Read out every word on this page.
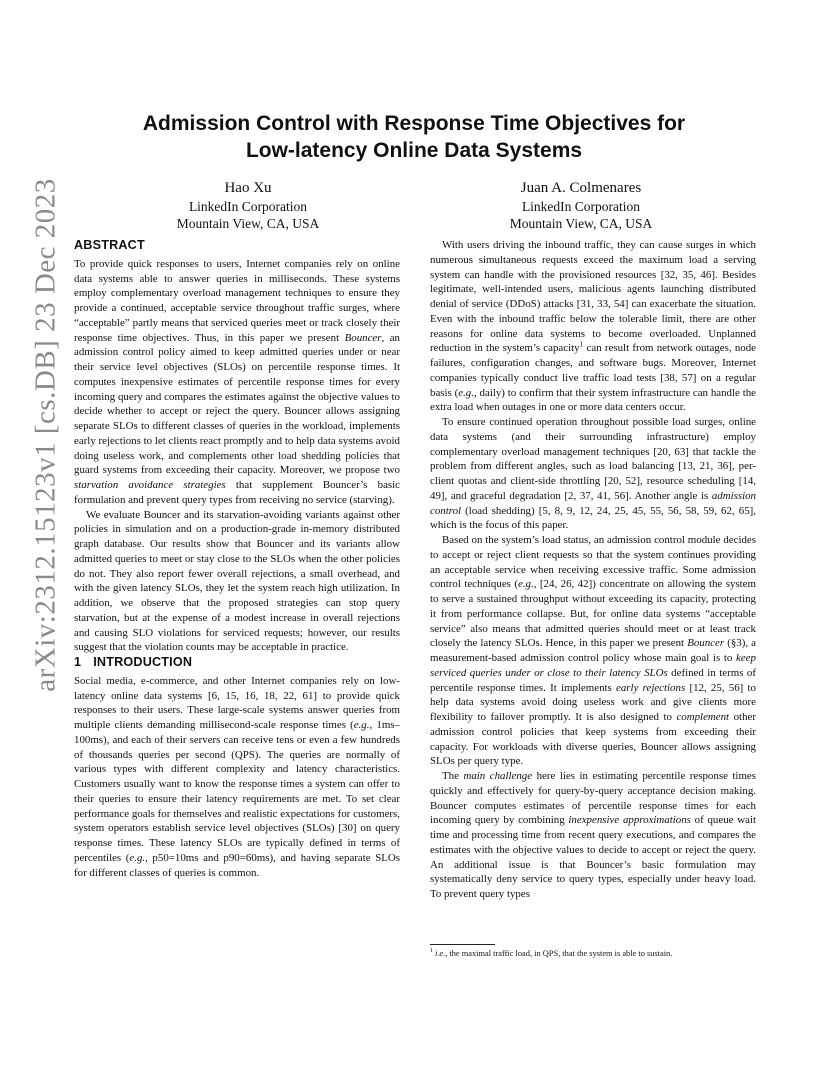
arXiv:2312.15123v1 [cs.DB] 23 Dec 2023
Admission Control with Response Time Objectives for
Low-latency Online Data Systems
Hao Xu
LinkedIn Corporation
Mountain View, CA, USA
Juan A. Colmenares
LinkedIn Corporation
Mountain View, CA, USA
ABSTRACT

To provide quick responses to users, Internet companies rely on online data systems able to answer queries in milliseconds. These systems employ complementary overload management techniques to ensure they provide a continued, acceptable service throughout traffic surges, where “acceptable” partly means that serviced queries meet or track closely their response time objectives. Thus, in this paper we present Bouncer, an admission control policy aimed to keep admitted queries under or near their service level objectives (SLOs) on percentile response times. It computes inexpensive estimates of percentile response times for every incoming query and compares the estimates against the objective values to decide whether to accept or reject the query. Bouncer allows assigning separate SLOs to different classes of queries in the workload, implements early rejections to let clients react promptly and to help data systems avoid doing useless work, and complements other load shedding policies that guard systems from exceeding their capacity. Moreover, we propose two starvation avoidance strategies that supplement Bouncer’s basic formulation and prevent query types from receiving no service (starving).

We evaluate Bouncer and its starvation-avoiding variants against other policies in simulation and on a production-grade in-memory distributed graph database. Our results show that Bouncer and its variants allow admitted queries to meet or stay close to the SLOs when the other policies do not. They also report fewer overall rejections, a small overhead, and with the given latency SLOs, they let the system reach high utilization. In addition, we observe that the proposed strategies can stop query starvation, but at the expense of a modest increase in overall rejections and causing SLO violations for serviced requests; however, our results suggest that the violation counts may be acceptable in practice.

1 INTRODUCTION

Social media, e-commerce, and other Internet companies rely on low-latency online data systems [6, 15, 16, 18, 22, 61] to provide quick responses to their users. These large-scale systems answer queries from multiple clients demanding millisecond-scale response times (e.g., 1ms–100ms), and each of their servers can receive tens or even a few hundreds of thousands queries per second (QPS). The queries are normally of various types with different complexity and latency characteristics. Customers usually want to know the response times a system can offer to their queries to ensure their latency requirements are met. To set clear performance goals for themselves and realistic expectations for customers, system operators establish service level objectives (SLOs) [30] on query response times. These latency SLOs are typically defined in terms of percentiles (e.g., p50=10ms and p90=60ms), and having separate SLOs for different classes of queries is common.

With users driving the inbound traffic, they can cause surges in which numerous simultaneous requests exceed the maximum load a serving system can handle with the provisioned resources [32, 35, 46]. Besides legitimate, well-intended users, malicious agents launching distributed denial of service (DDoS) attacks [31, 33, 54] can exacerbate the situation. Even with the inbound traffic below the tolerable limit, there are other reasons for online data systems to become overloaded. Unplanned reduction in the system’s capacity$^1$ can result from network outages, node failures, configuration changes, and software bugs. Moreover, Internet companies typically conduct live traffic load tests [38, 57] on a regular basis (e.g., daily) to confirm that their system infrastructure can handle the extra load when outages in one or more data centers occur.

To ensure continued operation throughout possible load surges, online data systems (and their surrounding infrastructure) employ complementary overload management techniques [20, 63] that tackle the problem from different angles, such as load balancing [13, 21, 36], per-client quotas and client-side throttling [20, 52], resource scheduling [14, 49], and graceful degradation [2, 37, 41, 56]. Another angle is admission control (load shedding) [5, 8, 9, 12, 24, 25, 45, 55, 56, 58, 59, 62, 65], which is the focus of this paper.

Based on the system’s load status, an admission control module decides to accept or reject client requests so that the system continues providing an acceptable service when receiving excessive traffic. Some admission control techniques (e.g., [24, 26, 42]) concentrate on allowing the system to serve a sustained throughput without exceeding its capacity, protecting it from performance collapse. But, for online data systems “acceptable service” also means that admitted queries should meet or at least track closely the latency SLOs. Hence, in this paper we present Bouncer (§3), a measurement-based admission control policy whose main goal is to keep serviced queries under or close to their latency SLOs defined in terms of percentile response times. It implements early rejections [12, 25, 56] to help data systems avoid doing useless work and give clients more flexibility to failover promptly. It is also designed to complement other admission control policies that keep systems from exceeding their capacity. For workloads with diverse queries, Bouncer allows assigning SLOs per query type.

The main challenge here lies in estimating percentile response times quickly and effectively for query-by-query acceptance decision making. Bouncer computes estimates of percentile response times for each incoming query by combining inexpensive approximations of queue wait time and processing time from recent query executions, and compares the estimates with the objective values to decide to accept or reject the query. An additional issue is that Bouncer’s basic formulation may systematically deny service to query types, especially under heavy load. To prevent query types

$^1$ i.e., the maximal traffic load, in QPS, that the system is able to sustain.
